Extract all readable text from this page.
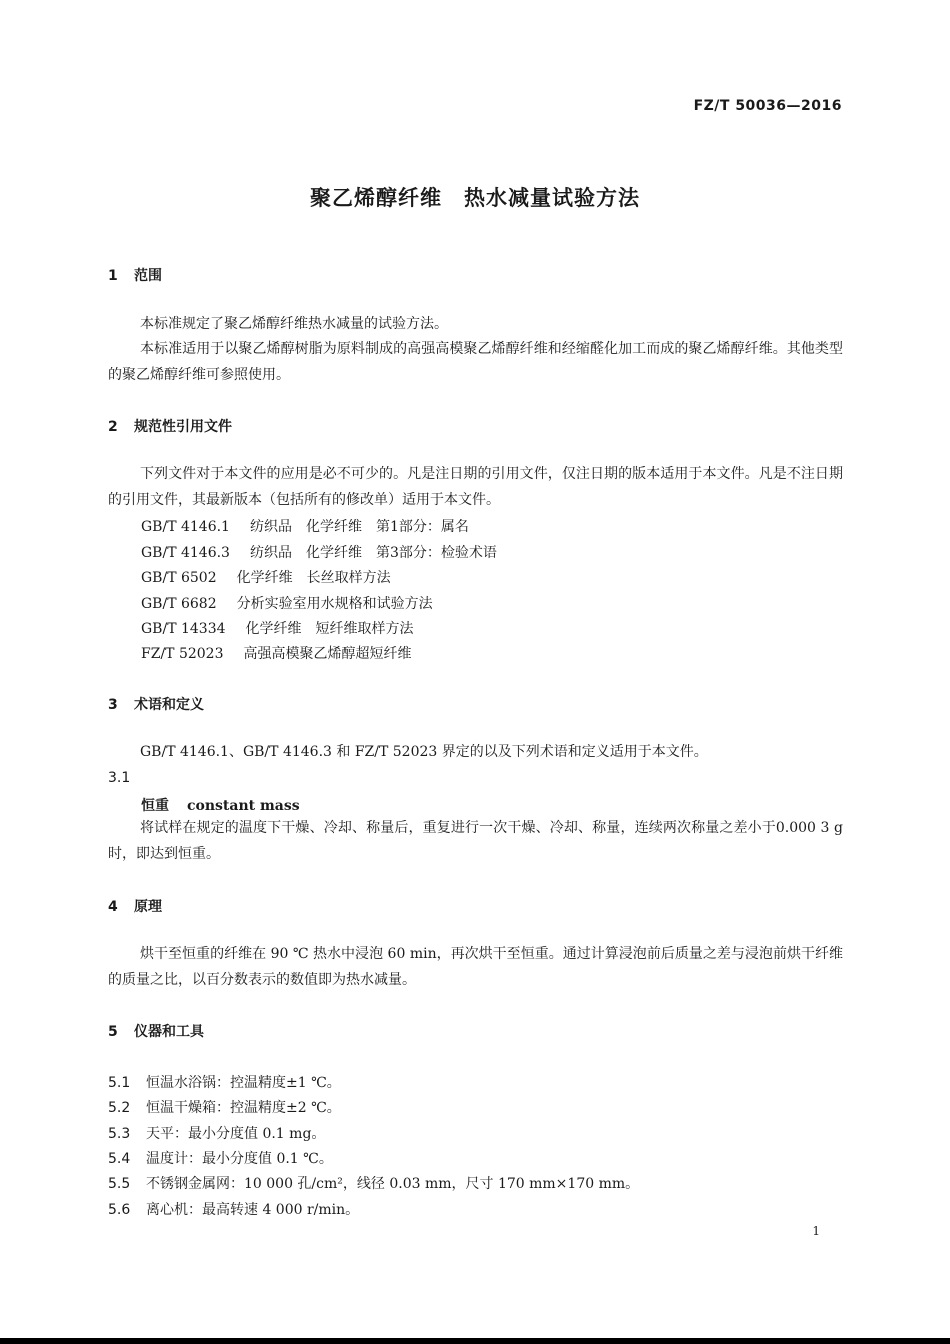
FZ/T 50036—2016
聚乙烯醇纤维　热水减量试验方法
1 范围

本标准规定了聚乙烯醇纤维热水减量的试验方法。

本标准适用于以聚乙烯醇树脂为原料制成的高强高模聚乙烯醇纤维和经缩醛化加工而成的聚乙烯醇纤维。其他类型的聚乙烯醇纤维可参照使用。

2 规范性引用文件

下列文件对于本文件的应用是必不可少的。凡是注日期的引用文件，仅注日期的版本适用于本文件。凡是不注日期的引用文件，其最新版本（包括所有的修改单）适用于本文件。

GB/T 4146.1 纺织品　化学纤维　第1部分：属名
GB/T 4146.3 纺织品　化学纤维　第3部分：检验术语
GB/T 6502 化学纤维　长丝取样方法
GB/T 6682 分析实验室用水规格和试验方法
GB/T 14334 化学纤维　短纤维取样方法
FZ/T 52023 高强高模聚乙烯醇超短纤维
3 术语和定义

GB/T 4146.1、GB/T 4146.3 和 FZ/T 52023 界定的以及下列术语和定义适用于本文件。

3.1
恒重 constant mass

将试样在规定的温度下干燥、冷却、称量后，重复进行一次干燥、冷却、称量，连续两次称量之差小于0.000 3 g 时，即达到恒重。

4 原理

烘干至恒重的纤维在 90 ℃ 热水中浸泡 60 min，再次烘干至恒重。通过计算浸泡前后质量之差与浸泡前烘干纤维的质量之比，以百分数表示的数值即为热水减量。

5 仪器和工具
5.1 恒温水浴锅：控温精度±1 ℃。
5.2 恒温干燥箱：控温精度±2 ℃。
5.3 天平：最小分度值 0.1 mg。
5.4 温度计：最小分度值 0.1 ℃。
5.5 不锈钢金属网：10 000 孔/cm²，线径 0.03 mm，尺寸 170 mm×170 mm。
5.6 离心机：最高转速 4 000 r/min。
1
